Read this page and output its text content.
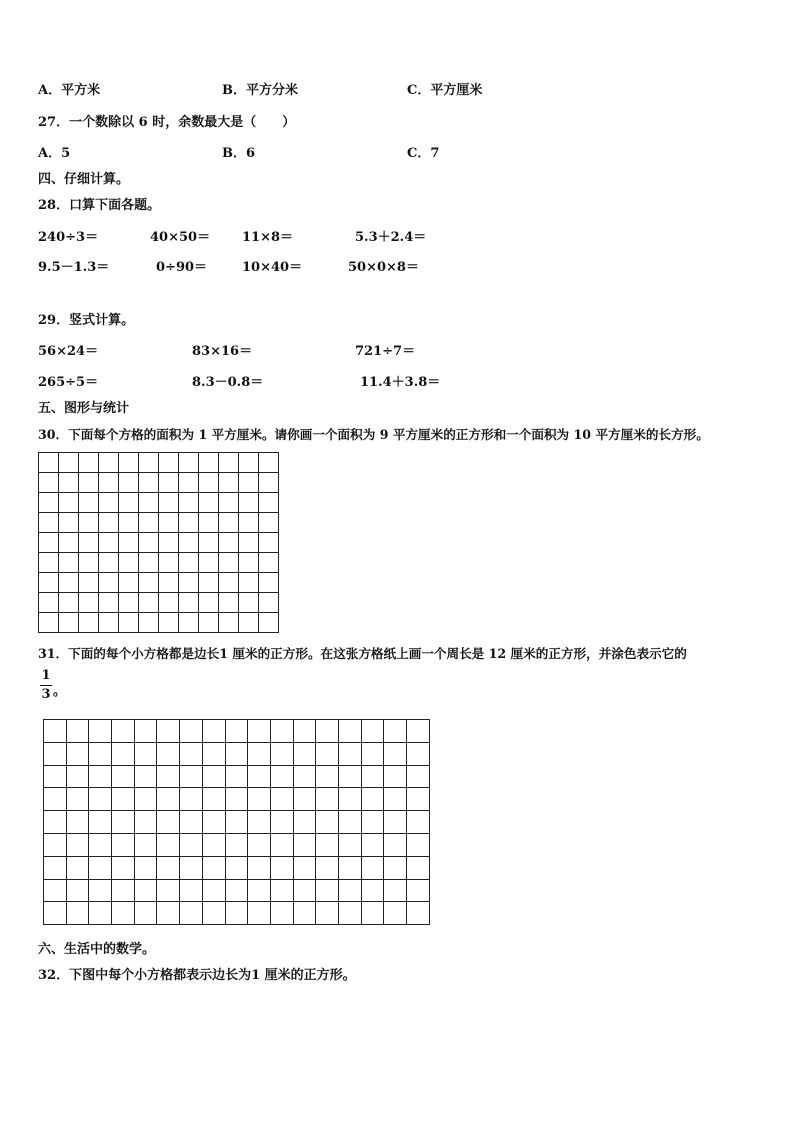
A．平方米	B．平方分米	C．平方厘米
27．一个数除以 6 时，余数最大是（　　）
A．5	B．6	C．7
四、仔细计算。
28．口算下面各题。
240÷3＝	40×50＝ 11×8＝	5.3＋2.4＝
9.5－1.3＝	0÷90＝	10×40＝	50×0×8＝
29．竖式计算。
56×24＝	83×16＝	721÷7＝
265÷5＝	8.3－0.8＝	11.4＋3.8＝
五、图形与统计
30．下面每个方格的面积为 1 平方厘米。请你画一个面积为 9 平方厘米的正方形和一个面积为 10 平方厘米的长方形。

31．下面的每个小方格都是边长1 厘米的正方形。在这张方格纸上画一个周长是 12 厘米的正方形，并涂色表示它的
1
3 。

六、生活中的数学。
32．下图中每个小方格都表示边长为1 厘米的正方形。
